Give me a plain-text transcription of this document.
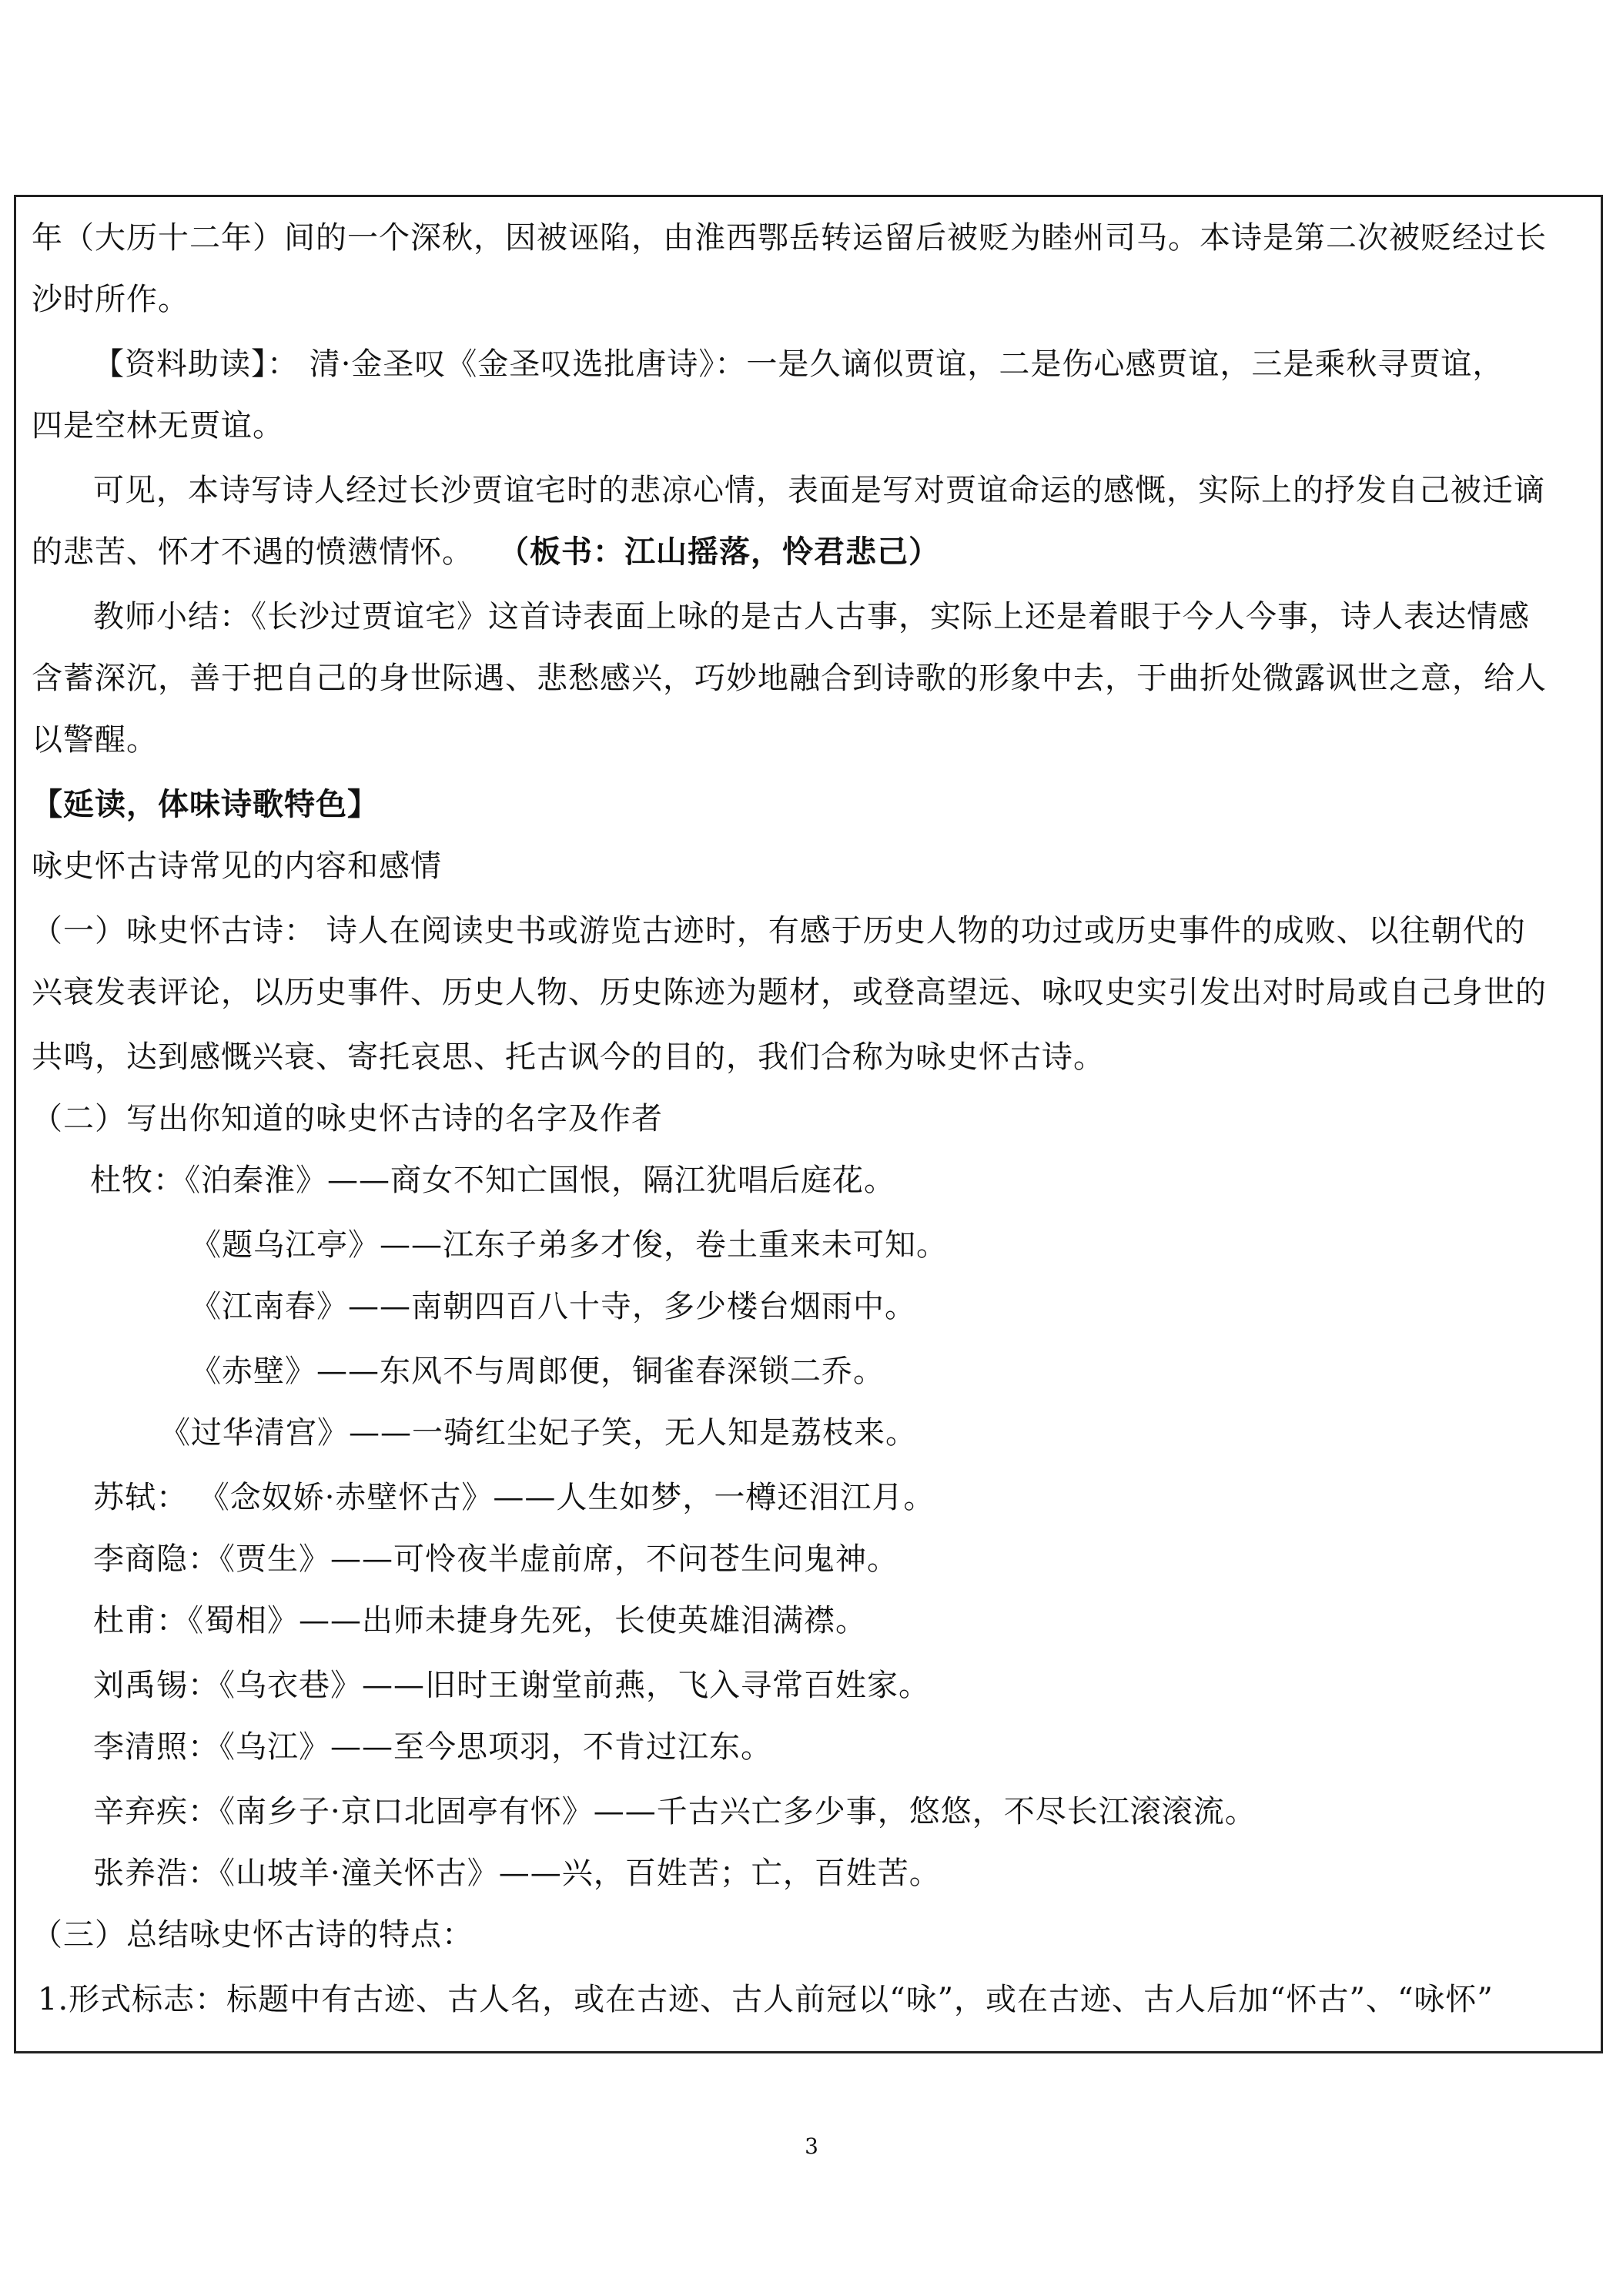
年（大历十二年）间的一个深秋，因被诬陷，由淮西鄂岳转运留后被贬为睦州司马。本诗是第二次被贬经过长
沙时所作。
【资料助读】： 清·金圣叹《金圣叹选批唐诗》：一是久谪似贾谊，二是伤心感贾谊，三是乘秋寻贾谊，
四是空林无贾谊。
可见，本诗写诗人经过长沙贾谊宅时的悲凉心情，表面是写对贾谊命运的感慨，实际上的抒发自己被迁谪
的悲苦、怀才不遇的愤懑情怀。 （板书：江山摇落，怜君悲己）
教师小结：《长沙过贾谊宅》这首诗表面上咏的是古人古事，实际上还是着眼于今人今事，诗人表达情感
含蓄深沉，善于把自己的身世际遇、悲愁感兴，巧妙地融合到诗歌的形象中去，于曲折处微露讽世之意，给人
以警醒。
【延读，体味诗歌特色】
咏史怀古诗常见的内容和感情
（一）咏史怀古诗： 诗人在阅读史书或游览古迹时，有感于历史人物的功过或历史事件的成败、以往朝代的
兴衰发表评论，以历史事件、历史人物、历史陈迹为题材，或登高望远、咏叹史实引发出对时局或自己身世的
共鸣，达到感慨兴衰、寄托哀思、托古讽今的目的，我们合称为咏史怀古诗。
（二）写出你知道的咏史怀古诗的名字及作者
杜牧：《泊秦淮》——商女不知亡国恨，隔江犹唱后庭花。
《题乌江亭》——江东子弟多才俊，卷土重来未可知。
《江南春》——南朝四百八十寺，多少楼台烟雨中。
《赤壁》——东风不与周郎便，铜雀春深锁二乔。
《过华清宫》——一骑红尘妃子笑，无人知是荔枝来。
苏轼： 《念奴娇·赤壁怀古》——人生如梦，一樽还泪江月。
李商隐：《贾生》——可怜夜半虚前席，不问苍生问鬼神。
杜甫：《蜀相》——出师未捷身先死，长使英雄泪满襟。
刘禹锡：《乌衣巷》——旧时王谢堂前燕，飞入寻常百姓家。
李清照：《乌江》——至今思项羽，不肯过江东。
辛弃疾：《南乡子·京口北固亭有怀》——千古兴亡多少事，悠悠，不尽长江滚滚流。
张养浩：《山坡羊·潼关怀古》——兴，百姓苦；亡，百姓苦。
（三）总结咏史怀古诗的特点：
1.形式标志：标题中有古迹、古人名，或在古迹、古人前冠以“咏”，或在古迹、古人后加“怀古”、“咏怀”
3
